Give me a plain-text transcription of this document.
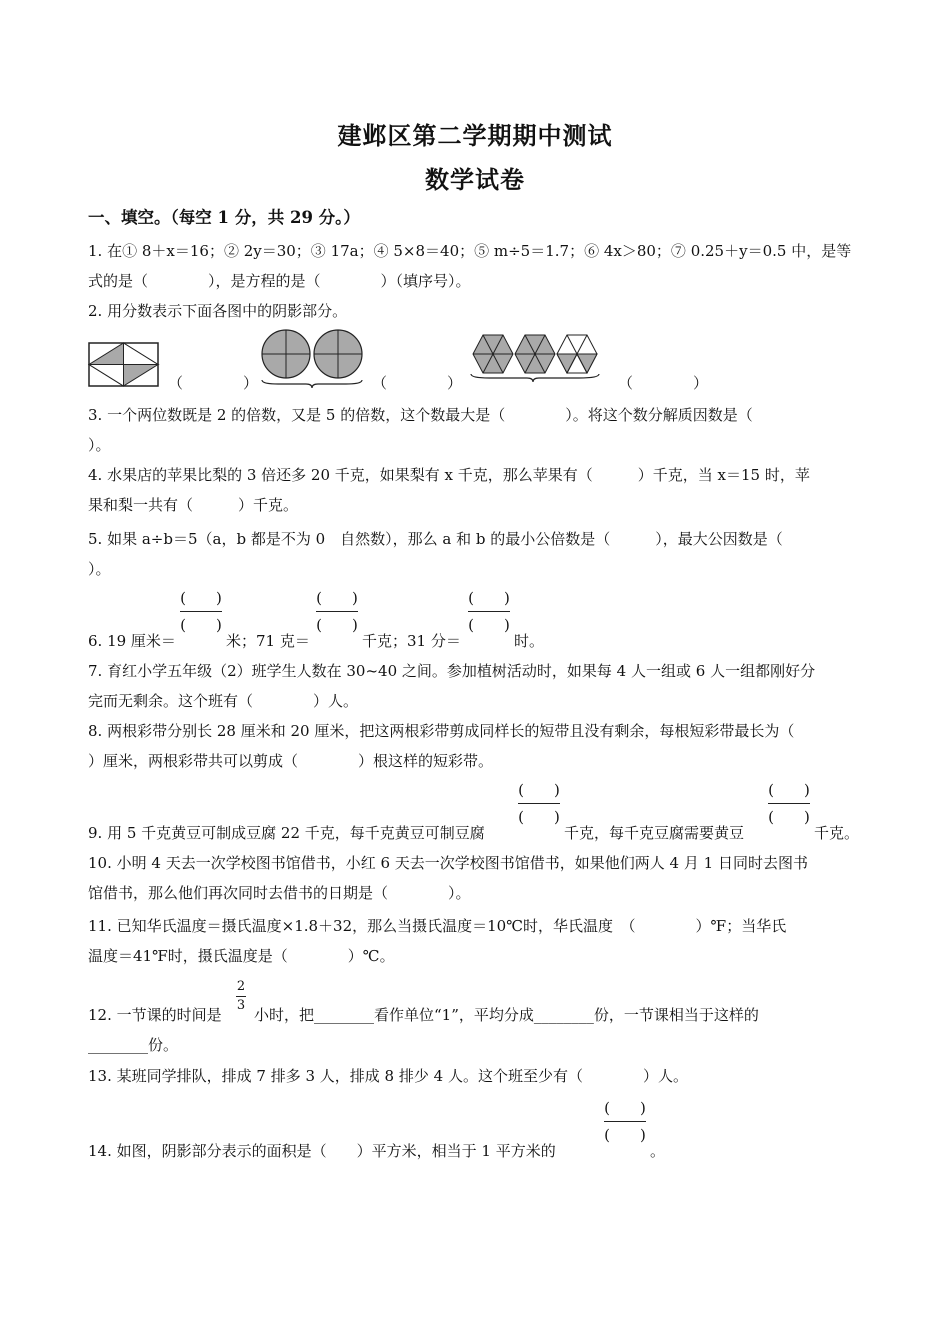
建邺区第二学期期中测试
数学试卷
一、填空。（每空 1 分，共 29 分。）
1. 在① 8＋x＝16；② 2y＝30；③ 17a；④ 5×8＝40；⑤ m÷5＝1.7；⑥ 4x＞80；⑦ 0.25＋y＝0.5 中，是等
式的是（　　　　），是方程的是（　　　　）（填序号）。
2. 用分数表示下面各图中的阴影部分。
（　　　　）	（　　　　）	（　　　　）
3. 一个两位数既是 2 的倍数，又是 5 的倍数，这个数最大是（　　　　）。将这个数分解质因数是（
）。
4. 水果店的苹果比梨的 3 倍还多 20 千克，如果梨有 x 千克，那么苹果有（　　　）千克，当 x＝15 时，苹
果和梨一共有（　　　）千克。
5. 如果 a÷b＝5（a，b 都是不为 0　自然数），那么 a 和 b 的最小公倍数是（　　　），最大公因数是（
）。
6. 19 厘米＝
(　　)
(　　)
米；71 克＝
(　　)
(　　)
千克；31 分＝
(　　)
(　　)
时。
7. 育红小学五年级（2）班学生人数在 30~40 之间。参加植树活动时，如果每 4 人一组或 6 人一组都刚好分
完而无剩余。这个班有（　　　　）人。
8. 两根彩带分别长 28 厘米和 20 厘米，把这两根彩带剪成同样长的短带且没有剩余，每根短彩带最长为（
）厘米，两根彩带共可以剪成（　　　　）根这样的短彩带。
9. 用 5 千克黄豆可制成豆腐 22 千克，每千克黄豆可制豆腐
(　　)
(　　)
千克，每千克豆腐需要黄豆
(　　)
(　　)
千克。
10. 小明 4 天去一次学校图书馆借书，小红 6 天去一次学校图书馆借书，如果他们两人 4 月 1 日同时去图书
馆借书，那么他们再次同时去借书的日期是（　　　　）。
11. 已知华氏温度＝摄氏温度×1.8＋32，那么当摄氏温度＝10℃时，华氏温度　（　　　　）℉；当华氏
温度＝41℉时，摄氏温度是（　　　　）℃。
12. 一节课的时间是
2
3
小时，把________看作单位“1”，平均分成________份，一节课相当于这样的
________份。
13. 某班同学排队，排成 7 排多 3 人，排成 8 排少 4 人。这个班至少有（　　　　）人。
14. 如图，阴影部分表示的面积是（　　）平方米，相当于 1 平方米的
(　　)
(　　)
。
